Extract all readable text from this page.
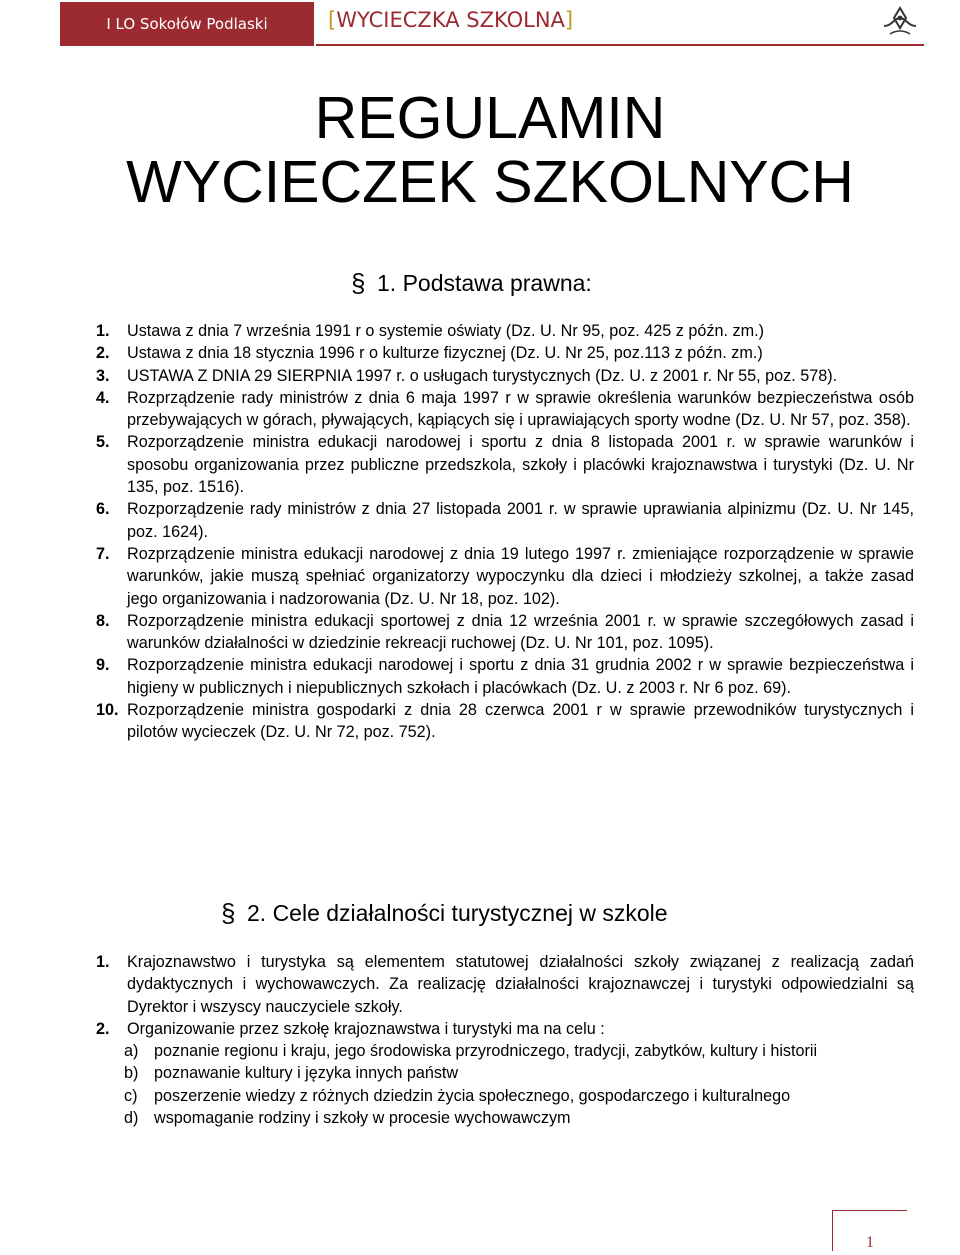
I LO Sokołów Podlaski	[WYCIECZKA SZKOLNA]
REGULAMIN
WYCIECZEK SZKOLNYCH
§ 1. Podstawa prawna:
1. Ustawa z dnia 7 września 1991 r o systemie oświaty (Dz. U. Nr 95, poz. 425 z późn. zm.)
2. Ustawa z dnia 18 stycznia 1996 r o kulturze fizycznej (Dz. U. Nr 25, poz.113 z późn. zm.)
3. USTAWA Z DNIA 29 SIERPNIA 1997 r. o usługach turystycznych (Dz. U. z 2001 r. Nr 55, poz. 578).
4. Rozprządzenie rady ministrów z dnia 6 maja 1997 r w sprawie określenia warunków bezpieczeństwa osób przebywających w górach, pływających, kąpiących się i uprawiających sporty wodne (Dz. U. Nr 57, poz. 358).
5. Rozporządzenie ministra edukacji narodowej i sportu z dnia 8 listopada 2001 r. w sprawie warunków i sposobu organizowania przez publiczne przedszkola, szkoły i placówki krajoznawstwa i turystyki (Dz. U. Nr 135, poz. 1516).
6. Rozporządzenie rady ministrów z dnia 27 listopada 2001 r. w sprawie uprawiania alpinizmu (Dz. U. Nr 145, poz. 1624).
7. Rozprządzenie ministra edukacji narodowej z dnia 19 lutego 1997 r. zmieniające rozporządzenie w sprawie warunków, jakie muszą spełniać organizatorzy wypoczynku dla dzieci i młodzieży szkolnej, a także zasad jego organizowania i nadzorowania (Dz. U. Nr 18, poz. 102).
8. Rozporządzenie ministra edukacji sportowej z dnia 12 września 2001 r. w sprawie szczegółowych zasad i warunków działalności w dziedzinie rekreacji ruchowej (Dz. U. Nr 101, poz. 1095).
9. Rozporządzenie ministra edukacji narodowej i sportu z dnia 31 grudnia 2002 r w sprawie bezpieczeństwa i higieny w publicznych i niepublicznych szkołach i placówkach (Dz. U. z 2003 r. Nr 6 poz. 69).
10. Rozporządzenie ministra gospodarki z dnia 28 czerwca 2001 r w sprawie przewodników turystycznych i pilotów wycieczek (Dz. U. Nr 72, poz. 752).
§ 2. Cele działalności turystycznej w szkole
1. Krajoznawstwo i turystyka są elementem statutowej działalności szkoły związanej z realizacją zadań dydaktycznych i wychowawczych. Za realizację działalności krajoznawczej i turystyki odpowiedzialni są Dyrektor i wszyscy nauczyciele szkoły.
2. Organizowanie przez szkołę krajoznawstwa i turystyki ma na celu :
a) poznanie regionu i kraju, jego środowiska przyrodniczego, tradycji, zabytków, kultury i historii
b) poznawanie kultury i języka innych państw
c) poszerzenie wiedzy z różnych dziedzin życia społecznego, gospodarczego i kulturalnego
d) wspomaganie rodziny i szkoły w procesie wychowawczym
1
